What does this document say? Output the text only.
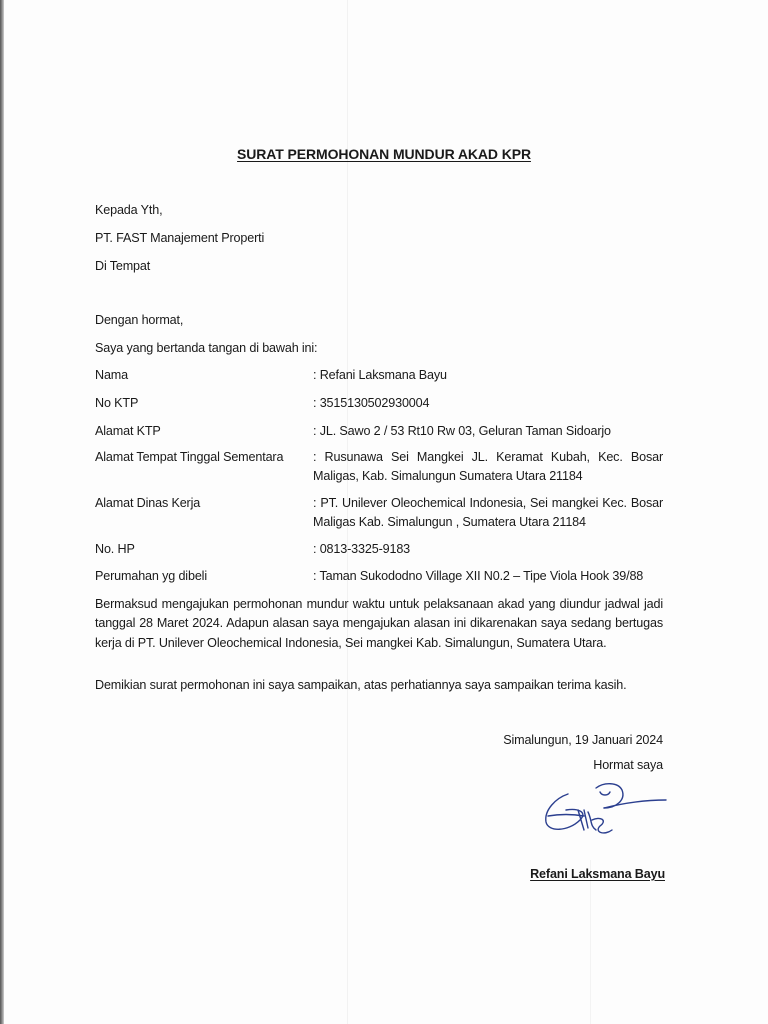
SURAT PERMOHONAN MUNDUR AKAD KPR
Kepada Yth,
PT. FAST Manajement Properti
Di Tempat
Dengan hormat,
Saya yang bertanda tangan di bawah ini:
Nama	: Refani Laksmana Bayu
No KTP	: 3515130502930004
Alamat KTP	: JL. Sawo 2 / 53 Rt10 Rw 03, Geluran Taman Sidoarjo
Alamat Tempat Tinggal Sementara : Rusunawa Sei Mangkei JL. Keramat Kubah, Kec. Bosar Maligas, Kab. Simalungun Sumatera Utara 21184
Alamat Dinas Kerja	: PT. Unilever Oleochemical Indonesia, Sei mangkei Kec. Bosar Maligas Kab. Simalungun , Sumatera Utara 21184
No. HP	: 0813-3325-9183
Perumahan yg dibeli	: Taman Sukododno Village XII N0.2 – Tipe Viola Hook 39/88
Bermaksud mengajukan permohonan mundur waktu untuk pelaksanaan akad yang diundur jadwal jadi tanggal 28 Maret 2024. Adapun alasan saya mengajukan alasan ini dikarenakan saya sedang bertugas kerja di PT. Unilever Oleochemical Indonesia, Sei mangkei Kab. Simalungun, Sumatera Utara.
Demikian surat permohonan ini saya sampaikan, atas perhatiannya saya sampaikan terima kasih.
Simalungun, 19 Januari 2024
Hormat saya
Refani Laksmana Bayu
